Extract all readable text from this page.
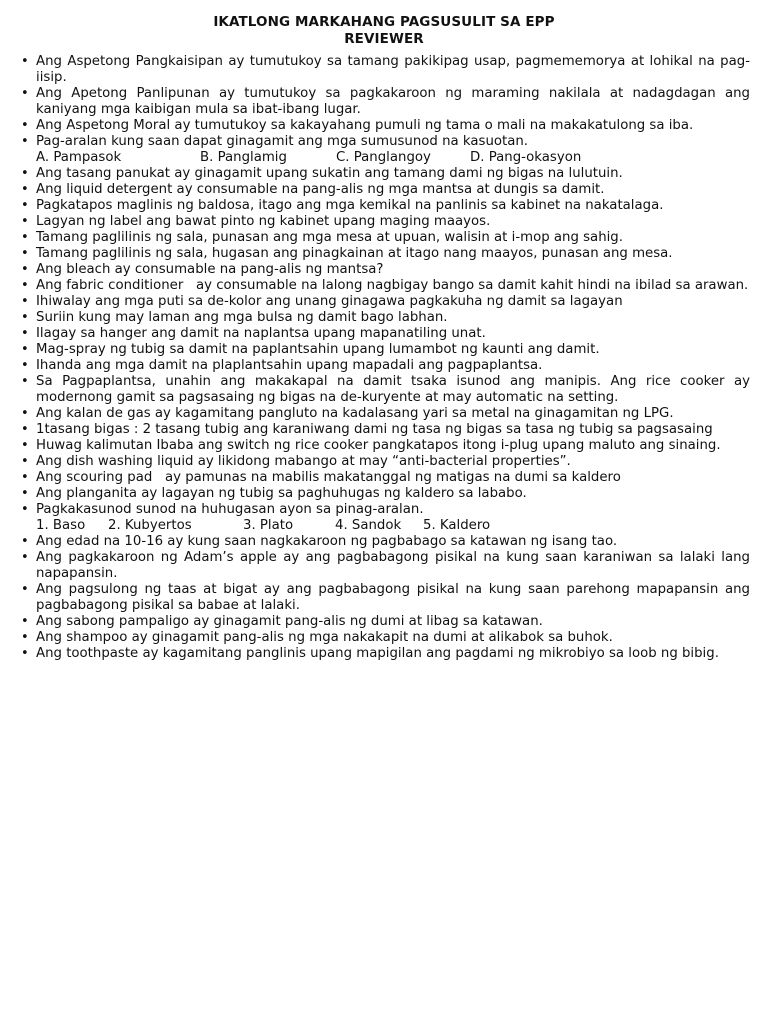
IKATLONG MARKAHANG PAGSUSULIT SA EPP
REVIEWER
• Ang Aspetong Pangkaisipan ay tumutukoy sa tamang pakikipag usap, pagmememorya at lohikal na pag-iisip.
• Ang Apetong Panlipunan ay tumutukoy sa pagkakaroon ng maraming nakilala at nadagdagan ang kaniyang mga kaibigan mula sa ibat-ibang lugar.
• Ang Aspetong Moral ay tumutukoy sa kakayahang pumuli ng tama o mali na makakatulong sa iba.
• Pag-aralan kung saan dapat ginagamit ang mga sumusunod na kasuotan.
A. Pampasok	B. Panglamig	C. Panglangoy	D. Pang-okasyon
• Ang tasang panukat ay ginagamit upang sukatin ang tamang dami ng bigas na lulutuin.
• Ang liquid detergent ay consumable na pang-alis ng mga mantsa at dungis sa damit.
• Pagkatapos maglinis ng baldosa, itago ang mga kemikal na panlinis sa kabinet na nakatalaga.
• Lagyan ng label ang bawat pinto ng kabinet upang maging maayos.
• Tamang paglilinis ng sala, punasan ang mga mesa at upuan, walisin at i-mop ang sahig.
• Tamang paglilinis ng sala, hugasan ang pinagkainan at itago nang maayos, punasan ang mesa.
• Ang bleach ay consumable na pang-alis ng mantsa?
• Ang fabric conditioner   ay consumable na lalong nagbigay bango sa damit kahit hindi na ibilad sa arawan.
• Ihiwalay ang mga puti sa de-kolor ang unang ginagawa pagkakuha ng damit sa lagayan
• Suriin kung may laman ang mga bulsa ng damit bago labhan.
• Ilagay sa hanger ang damit na naplantsa upang mapanatiling unat.
• Mag-spray ng tubig sa damit na paplantsahin upang lumambot ng kaunti ang damit.
• Ihanda ang mga damit na plaplantsahin upang mapadali ang pagpaplantsa.
• Sa Pagpaplantsa, unahin ang makakapal na damit tsaka isunod ang manipis. Ang rice cooker ay modernong gamit sa pagsasaing ng bigas na de-kuryente at may automatic na setting.
• Ang kalan de gas ay kagamitang pangluto na kadalasang yari sa metal na ginagamitan ng LPG.
• 1tasang bigas : 2 tasang tubig ang karaniwang dami ng tasa ng bigas sa tasa ng tubig sa pagsasaing
• Huwag kalimutan Ibaba ang switch ng rice cooker pangkatapos itong i-plug upang maluto ang sinaing.
• Ang dish washing liquid ay likidong mabango at may “anti-bacterial properties”.
• Ang scouring pad   ay pamunas na mabilis makatanggal ng matigas na dumi sa kaldero
• Ang planganita ay lagayan ng tubig sa paghuhugas ng kaldero sa lababo.
• Pagkakasunod sunod na huhugasan ayon sa pinag-aralan.
1. Baso	2. Kubyertos	3. Plato	4. Sandok	5. Kaldero
• Ang edad na 10-16 ay kung saan nagkakaroon ng pagbabago sa katawan ng isang tao.
• Ang pagkakaroon ng Adam’s apple ay ang pagbabagong pisikal na kung saan karaniwan sa lalaki lang napapansin.
• Ang pagsulong ng taas at bigat ay ang pagbabagong pisikal na kung saan parehong mapapansin ang pagbabagong pisikal sa babae at lalaki.
• Ang sabong pampaligo ay ginagamit pang-alis ng dumi at libag sa katawan.
• Ang shampoo ay ginagamit pang-alis ng mga nakakapit na dumi at alikabok sa buhok.
• Ang toothpaste ay kagamitang panglinis upang mapigilan ang pagdami ng mikrobiyo sa loob ng bibig.
